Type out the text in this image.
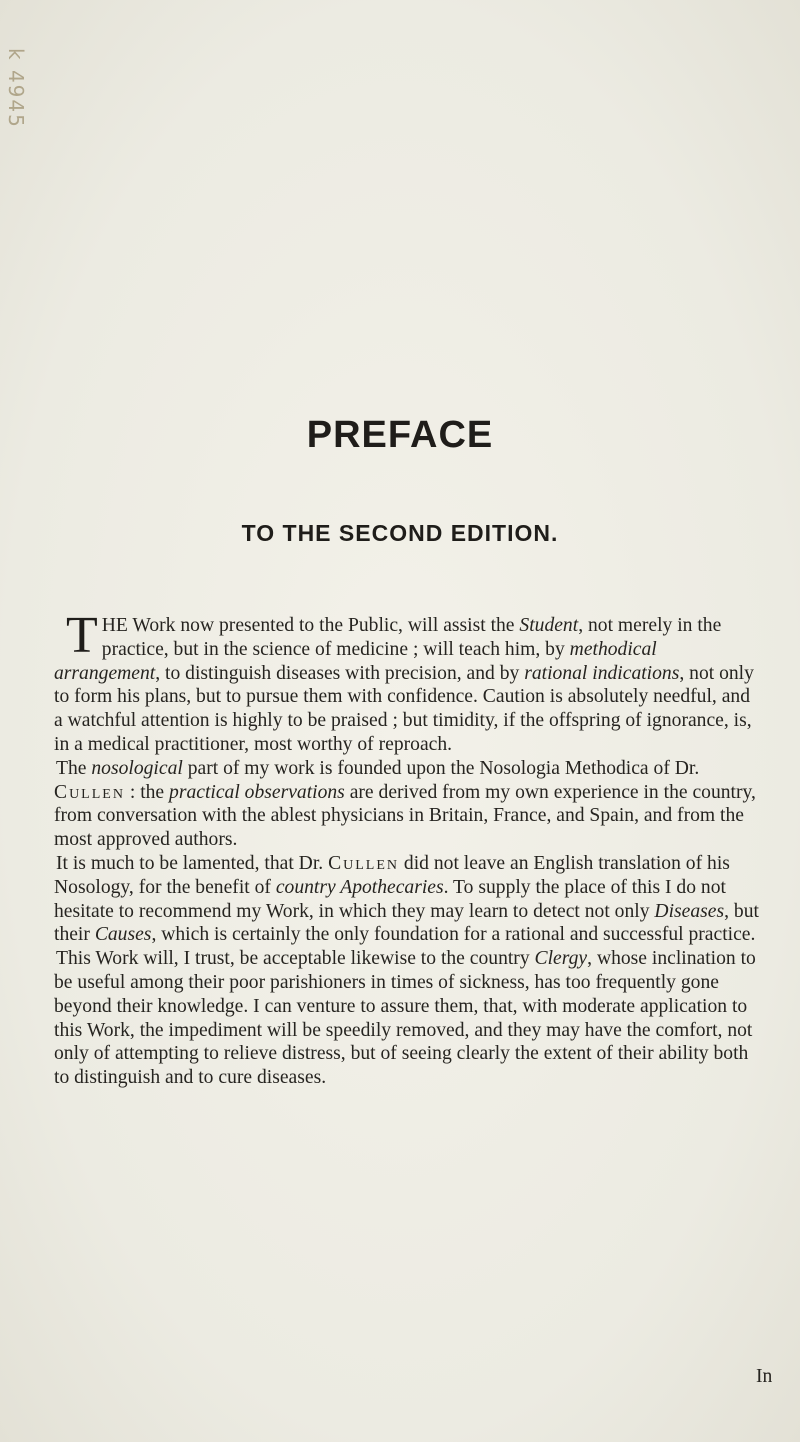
k 4945
PREFACE
TO THE SECOND EDITION.

THE Work now presented to the Public, will assist the Student, not merely in the practice, but in the science of medicine ; will teach him, by methodical arrangement, to distinguish diseases with precision, and by rational indications, not only to form his plans, but to pursue them with confidence. Caution is absolutely needful, and a watchful attention is highly to be praised ; but timidity, if the offspring of ignorance, is, in a medical practitioner, most worthy of reproach.

The nosological part of my work is founded upon the Nosologia Methodica of Dr. Cullen : the practical observations are derived from my own experience in the country, from conversation with the ablest physicians in Britain, France, and Spain, and from the most approved authors.

It is much to be lamented, that Dr. Cullen did not leave an English translation of his Nosology, for the benefit of country Apothecaries. To supply the place of this I do not hesitate to recommend my Work, in which they may learn to detect not only Diseases, but their Causes, which is certainly the only foundation for a rational and successful practice.

This Work will, I trust, be acceptable likewise to the country Clergy, whose inclination to be useful among their poor parishioners in times of sickness, has too frequently gone beyond their knowledge. I can venture to assure them, that, with moderate application to this Work, the impediment will be speedily removed, and they may have the comfort, not only of attempting to relieve distress, but of seeing clearly the extent of their ability both to distinguish and to cure diseases.

In
